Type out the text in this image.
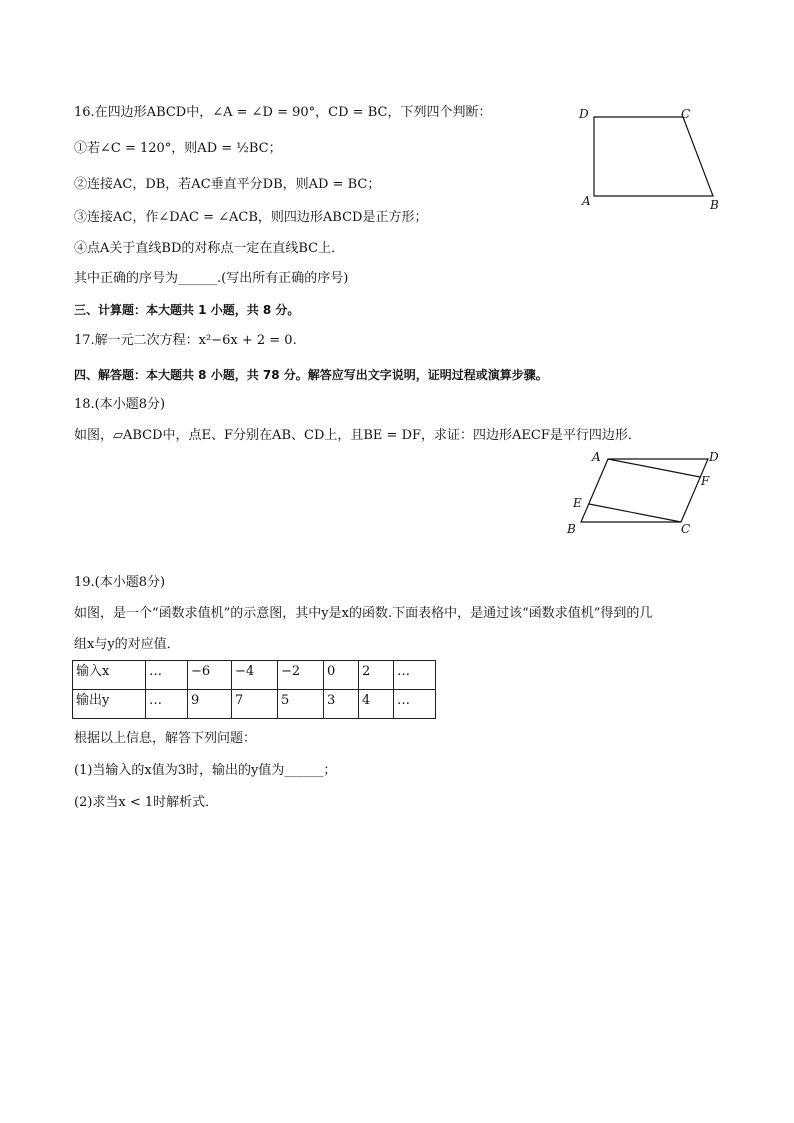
16.在四边形ABCD中，∠A = ∠D = 90°，CD = BC，下列四个判断：
①若∠C = 120°，则AD = ½BC；
②连接AC，DB，若AC垂直平分DB，则AD = BC；
③连接AC，作∠DAC = ∠ACB，则四边形ABCD是正方形；
④点A关于直线BD的对称点一定在直线BC上．
其中正确的序号为______.(写出所有正确的序号)
D	C
A	B
三、计算题：本大题共 1 小题，共 8 分。
17.解一元二次方程：x²−6x + 2 = 0.
四、解答题：本大题共 8 小题，共 78 分。解答应写出文字说明，证明过程或演算步骤。
18.(本小题8分)
如图，▱ABCD中，点E、F分别在AB、CD上，且BE = DF，求证：四边形AECF是平行四边形．
A	D
F
E
B	C
19.(本小题8分)
如图，是一个“函数求值机”的示意图，其中y是x的函数.下面表格中，是通过该“函数求值机”得到的几
组x与y的对应值．
输入x	…	−6	−4	−2	0	2	…
输出y	…	9	7	5	3	4	…
根据以上信息，解答下列问题：
(1)当输入的x值为3时，输出的y值为______；
(2)求当x < 1时解析式．
